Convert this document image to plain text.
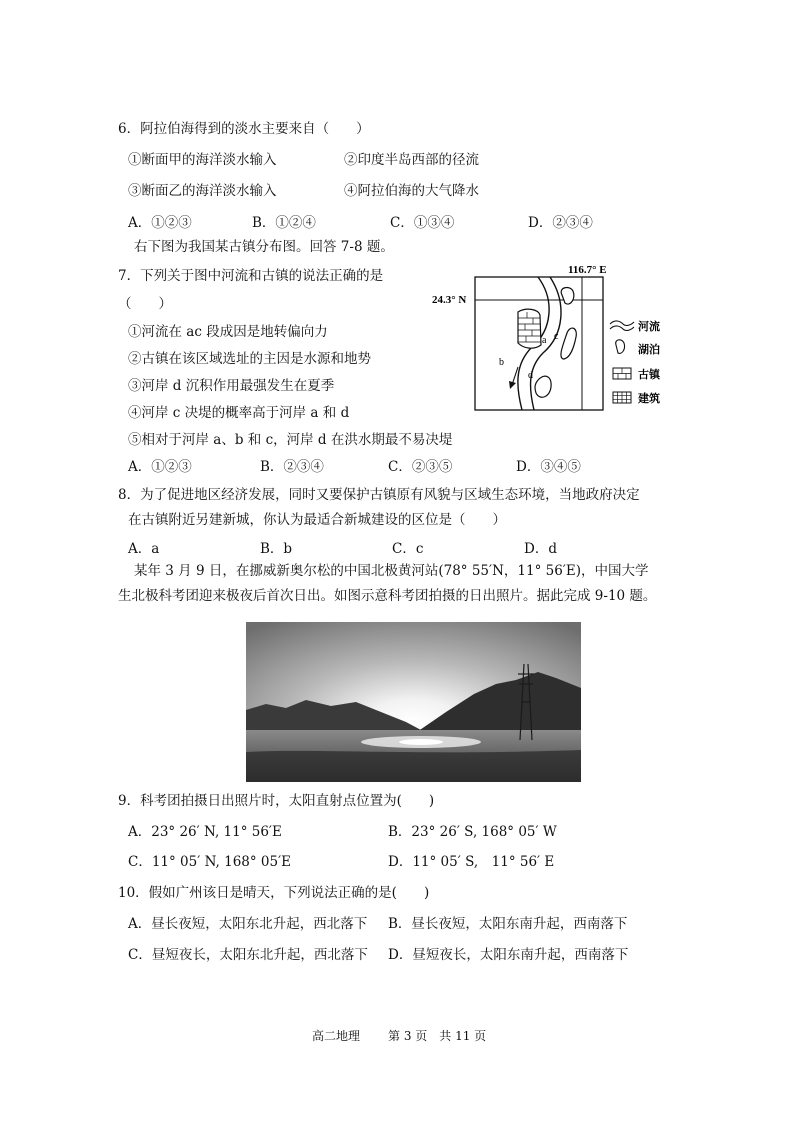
6．阿拉伯海得到的淡水主要来自（　　）
①断面甲的海洋淡水输入	②印度半岛西部的径流
③断面乙的海洋淡水输入	④阿拉伯海的大气降水
A．①②③	B．①②④	C．①③④	D．②③④
右下图为我国某古镇分布图。回答 7-8 题。
7．下列关于图中河流和古镇的说法正确的是
（　　）
①河流在 ac 段成因是地转偏向力
②古镇在该区域选址的主因是水源和地势
③河岸 d 沉积作用最强发生在夏季
④河岸 c 决堤的概率高于河岸 a 和 d
⑤相对于河岸 a、b 和 c，河岸 d 在洪水期最不易决堤
A．①②③	B．②③④	C．②③⑤	D．③④⑤
116.7° E
24.3° N
a
b
c
d
河流
湖泊
古镇
建筑
8．为了促进地区经济发展，同时又要保护古镇原有风貌与区域生态环境，当地政府决定
在古镇附近另建新城，你认为最适合新城建设的区位是（　　）
A．a	B．b	C．c	D．d
某年 3 月 9 日，在挪威新奥尔松的中国北极黄河站(78° 55′N，11° 56′E)，中国大学
生北极科考团迎来极夜后首次日出。如图示意科考团拍摄的日出照片。据此完成 9-10 题。
9．科考团拍摄日出照片时，太阳直射点位置为(　　)
A．23° 26′ N, 11° 56′E	B．23° 26′ S, 168° 05′ W
C．11° 05′ N, 168° 05′E	D．11° 05′ S,　11° 56′ E
10．假如广州该日是晴天，下列说法正确的是(　　)
A．昼长夜短，太阳东北升起，西北落下 B．昼长夜短，太阳东南升起，西南落下
C．昼短夜长，太阳东北升起，西北落下 D．昼短夜长，太阳东南升起，西南落下
高二地理 第 3 页　共 11 页
